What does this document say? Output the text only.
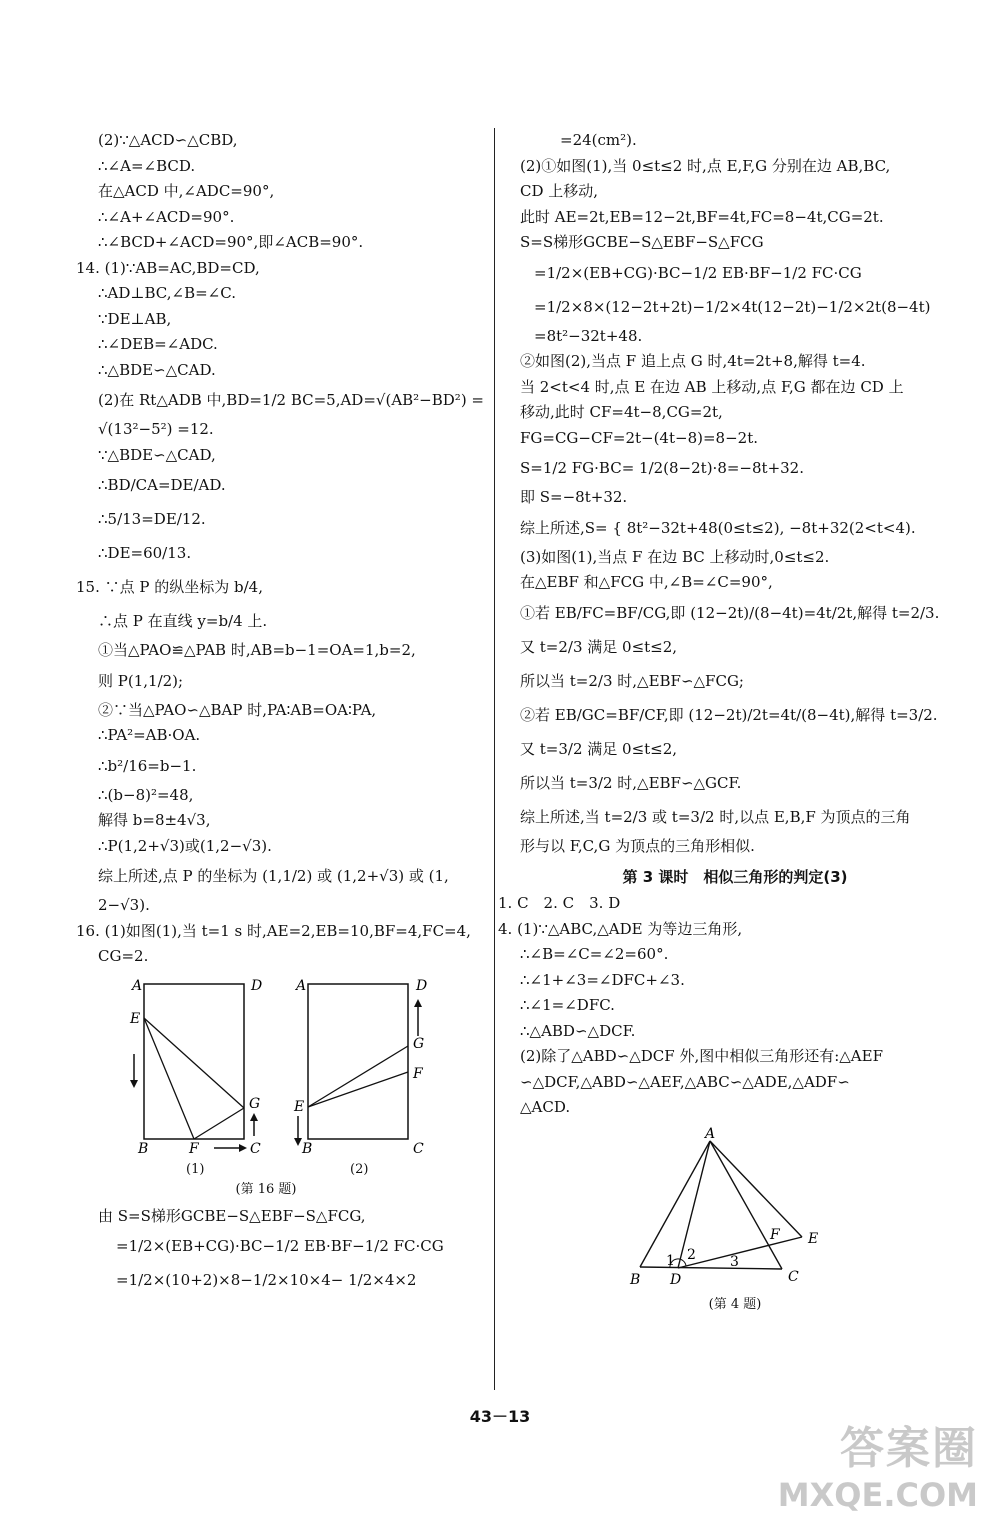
(2)∵△ACD∽△CBD,
∴∠A=∠BCD.
在△ACD 中,∠ADC=90°,
∴∠A+∠ACD=90°.
∴∠BCD+∠ACD=90°,即∠ACB=90°.
14. (1)∵AB=AC,BD=CD,
∴AD⊥BC,∠B=∠C.
∵DE⊥AB,
∴∠DEB=∠ADC.
∴△BDE∽△CAD.
(2)在 Rt△ADB 中,BD=1/2 BC=5,AD=√(AB²−BD²) =
√(13²−5²) =12.
∵△BDE∽△CAD,
∴BD/CA=DE/AD.
∴5/13=DE/12.
∴DE=60/13.
15. ∵点 P 的纵坐标为 b/4,
∴点 P 在直线 y=b/4 上.
①当△PAO≌△PAB 时,AB=b−1=OA=1,b=2,
则 P(1,1/2);
②∵当△PAO∽△BAP 时,PA∶AB=OA∶PA,
∴PA²=AB·OA.
∴b²/16=b−1.
∴(b−8)²=48,
解得 b=8±4√3,
∴P(1,2+√3)或(1,2−√3).
综上所述,点 P 的坐标为 (1,1/2) 或 (1,2+√3) 或 (1,
2−√3).
16. (1)如图(1),当 t=1 s 时,AE=2,EB=10,BF=4,FC=4,
CG=2.
A	D
E
G
B	F	C
A	D
G
F
E
B	C
(1)	(2)
(第 16 题)
由 S=S梯形GCBE−S△EBF−S△FCG,
=1/2×(EB+CG)·BC−1/2 EB·BF−1/2 FC·CG
=1/2×(10+2)×8−1/2×10×4− 1/2×4×2
=24(cm²).
(2)①如图(1),当 0≤t≤2 时,点 E,F,G 分别在边 AB,BC,
CD 上移动,
此时 AE=2t,EB=12−2t,BF=4t,FC=8−4t,CG=2t.
S=S梯形GCBE−S△EBF−S△FCG
=1/2×(EB+CG)·BC−1/2 EB·BF−1/2 FC·CG
=1/2×8×(12−2t+2t)−1/2×4t(12−2t)−1/2×2t(8−4t)
=8t²−32t+48.
②如图(2),当点 F 追上点 G 时,4t=2t+8,解得 t=4.
当 2<t<4 时,点 E 在边 AB 上移动,点 F,G 都在边 CD 上
移动,此时 CF=4t−8,CG=2t,
FG=CG−CF=2t−(4t−8)=8−2t.
S=1/2 FG·BC= 1/2(8−2t)·8=−8t+32.
即 S=−8t+32.
综上所述,S= { 8t²−32t+48(0≤t≤2), −8t+32(2<t<4).
(3)如图(1),当点 F 在边 BC 上移动时,0≤t≤2.
在△EBF 和△FCG 中,∠B=∠C=90°,
①若 EB/FC=BF/CG,即 (12−2t)/(8−4t)=4t/2t,解得 t=2/3.
又 t=2/3 满足 0≤t≤2,
所以当 t=2/3 时,△EBF∽△FCG;
②若 EB/GC=BF/CF,即 (12−2t)/2t=4t/(8−4t),解得 t=3/2.
又 t=3/2 满足 0≤t≤2,
所以当 t=3/2 时,△EBF∽△GCF.
综上所述,当 t=2/3 或 t=3/2 时,以点 E,B,F 为顶点的三角
形与以 F,C,G 为顶点的三角形相似.
第 3 课时　相似三角形的判定(3)
1. C　2. C　3. D
4. (1)∵△ABC,△ADE 为等边三角形,
∴∠B=∠C=∠2=60°.
∴∠1+∠3=∠DFC+∠3.
∴∠1=∠DFC.
∴△ABD∽△DCF.
(2)除了△ABD∽△DCF 外,图中相似三角形还有:△AEF
∽△DCF,△ABD∽△AEF,△ABC∽△ADE,△ADF∽
△ACD.
A
E
F
1 2 3
B D	C
(第 4 题)
43－13
答案圈
MXQE.COM
